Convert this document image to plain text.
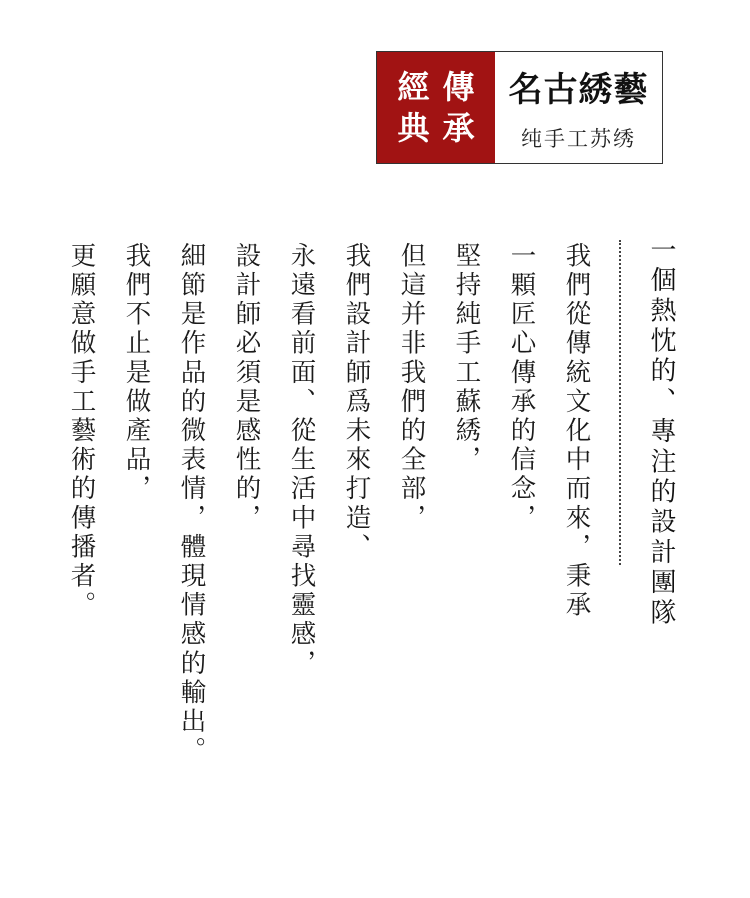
經 傳
典 承
名古綉藝
纯手工苏绣
一個熱忱的、專注的設計團隊
我們從傳統文化中而來，秉承
一顆匠心傳承的信念，
堅持純手工蘇綉，
但這并非我們的全部，
我們設計師爲未來打造、
永遠看前面、從生活中尋找靈感，
設計師必須是感性的，
細節是作品的微表情，體現情感的輸出。
我們不止是做產品，
更願意做手工藝術的傳播者。
